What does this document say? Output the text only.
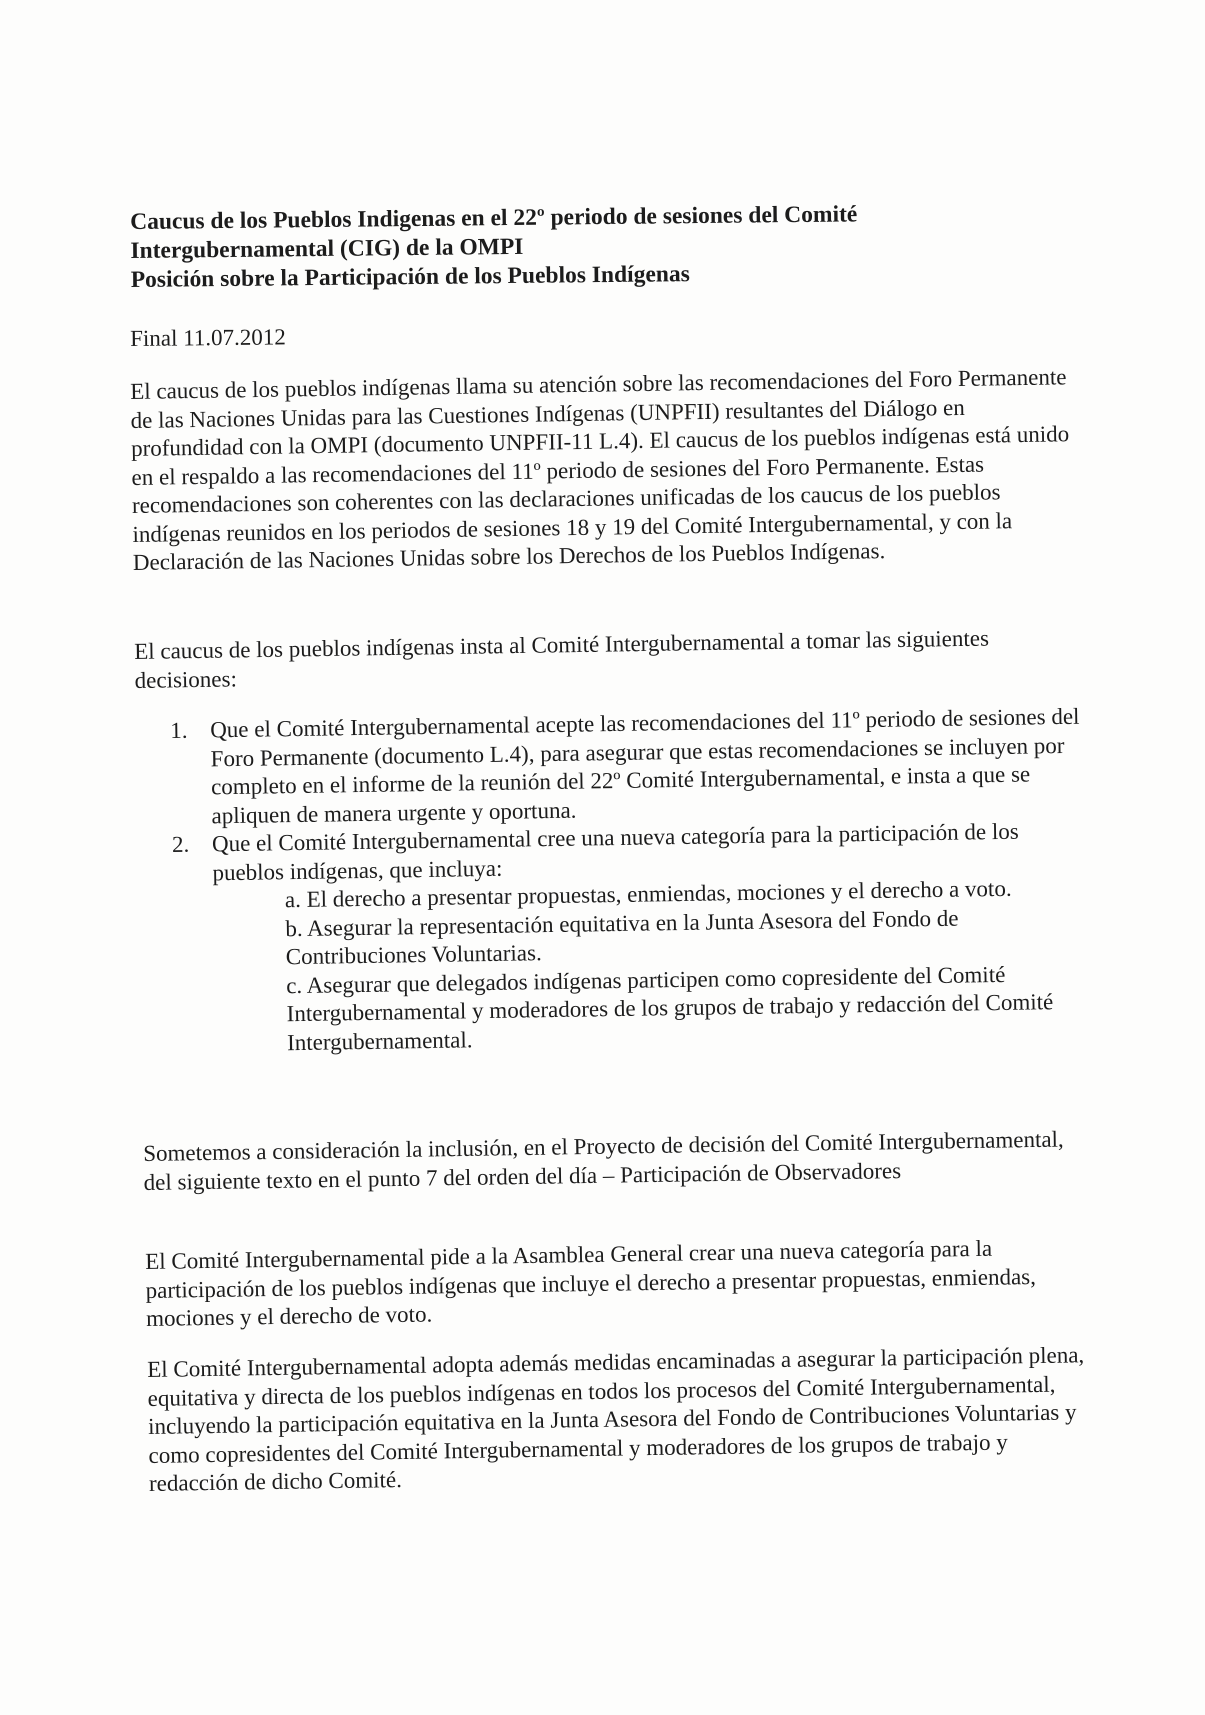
Caucus de los Pueblos Indigenas en el 22º periodo de sesiones del Comité
Intergubernamental (CIG) de la OMPI
Posición sobre la Participación de los Pueblos Indígenas
Final 11.07.2012
El caucus de los pueblos indígenas llama su atención sobre las recomendaciones del Foro Permanente de las Naciones Unidas para las Cuestiones Indígenas (UNPFII) resultantes del Diálogo en profundidad con la OMPI (documento UNPFII-11 L.4). El caucus de los pueblos indígenas está unido en el respaldo a las recomendaciones del 11º periodo de sesiones del Foro Permanente. Estas recomendaciones son coherentes con las declaraciones unificadas de los caucus de los pueblos indígenas reunidos en los periodos de sesiones 18 y 19 del Comité Intergubernamental, y con la Declaración de las Naciones Unidas sobre los Derechos de los Pueblos Indígenas.
El caucus de los pueblos indígenas insta al Comité Intergubernamental a tomar las siguientes decisiones:
1. Que el Comité Intergubernamental acepte las recomendaciones del 11º periodo de sesiones del Foro Permanente (documento L.4), para asegurar que estas recomendaciones se incluyen por completo en el informe de la reunión del 22º Comité Intergubernamental, e insta a que se apliquen de manera urgente y oportuna.
2. Que el Comité Intergubernamental cree una nueva categoría para la participación de los pueblos indígenas, que incluya:
a. El derecho a presentar propuestas, enmiendas, mociones y el derecho a voto.
b. Asegurar la representación equitativa en la Junta Asesora del Fondo de Contribuciones Voluntarias.
c. Asegurar que delegados indígenas participen como copresidente del Comité Intergubernamental y moderadores de los grupos de trabajo y redacción del Comité Intergubernamental.
Sometemos a consideración la inclusión, en el Proyecto de decisión del Comité Intergubernamental, del siguiente texto en el punto 7 del orden del día – Participación de Observadores
El Comité Intergubernamental pide a la Asamblea General crear una nueva categoría para la participación de los pueblos indígenas que incluye el derecho a presentar propuestas, enmiendas, mociones y el derecho de voto.
El Comité Intergubernamental adopta además medidas encaminadas a asegurar la participación plena, equitativa y directa de los pueblos indígenas en todos los procesos del Comité Intergubernamental, incluyendo la participación equitativa en la Junta Asesora del Fondo de Contribuciones Voluntarias y como copresidentes del Comité Intergubernamental y moderadores de los grupos de trabajo y redacción de dicho Comité.
